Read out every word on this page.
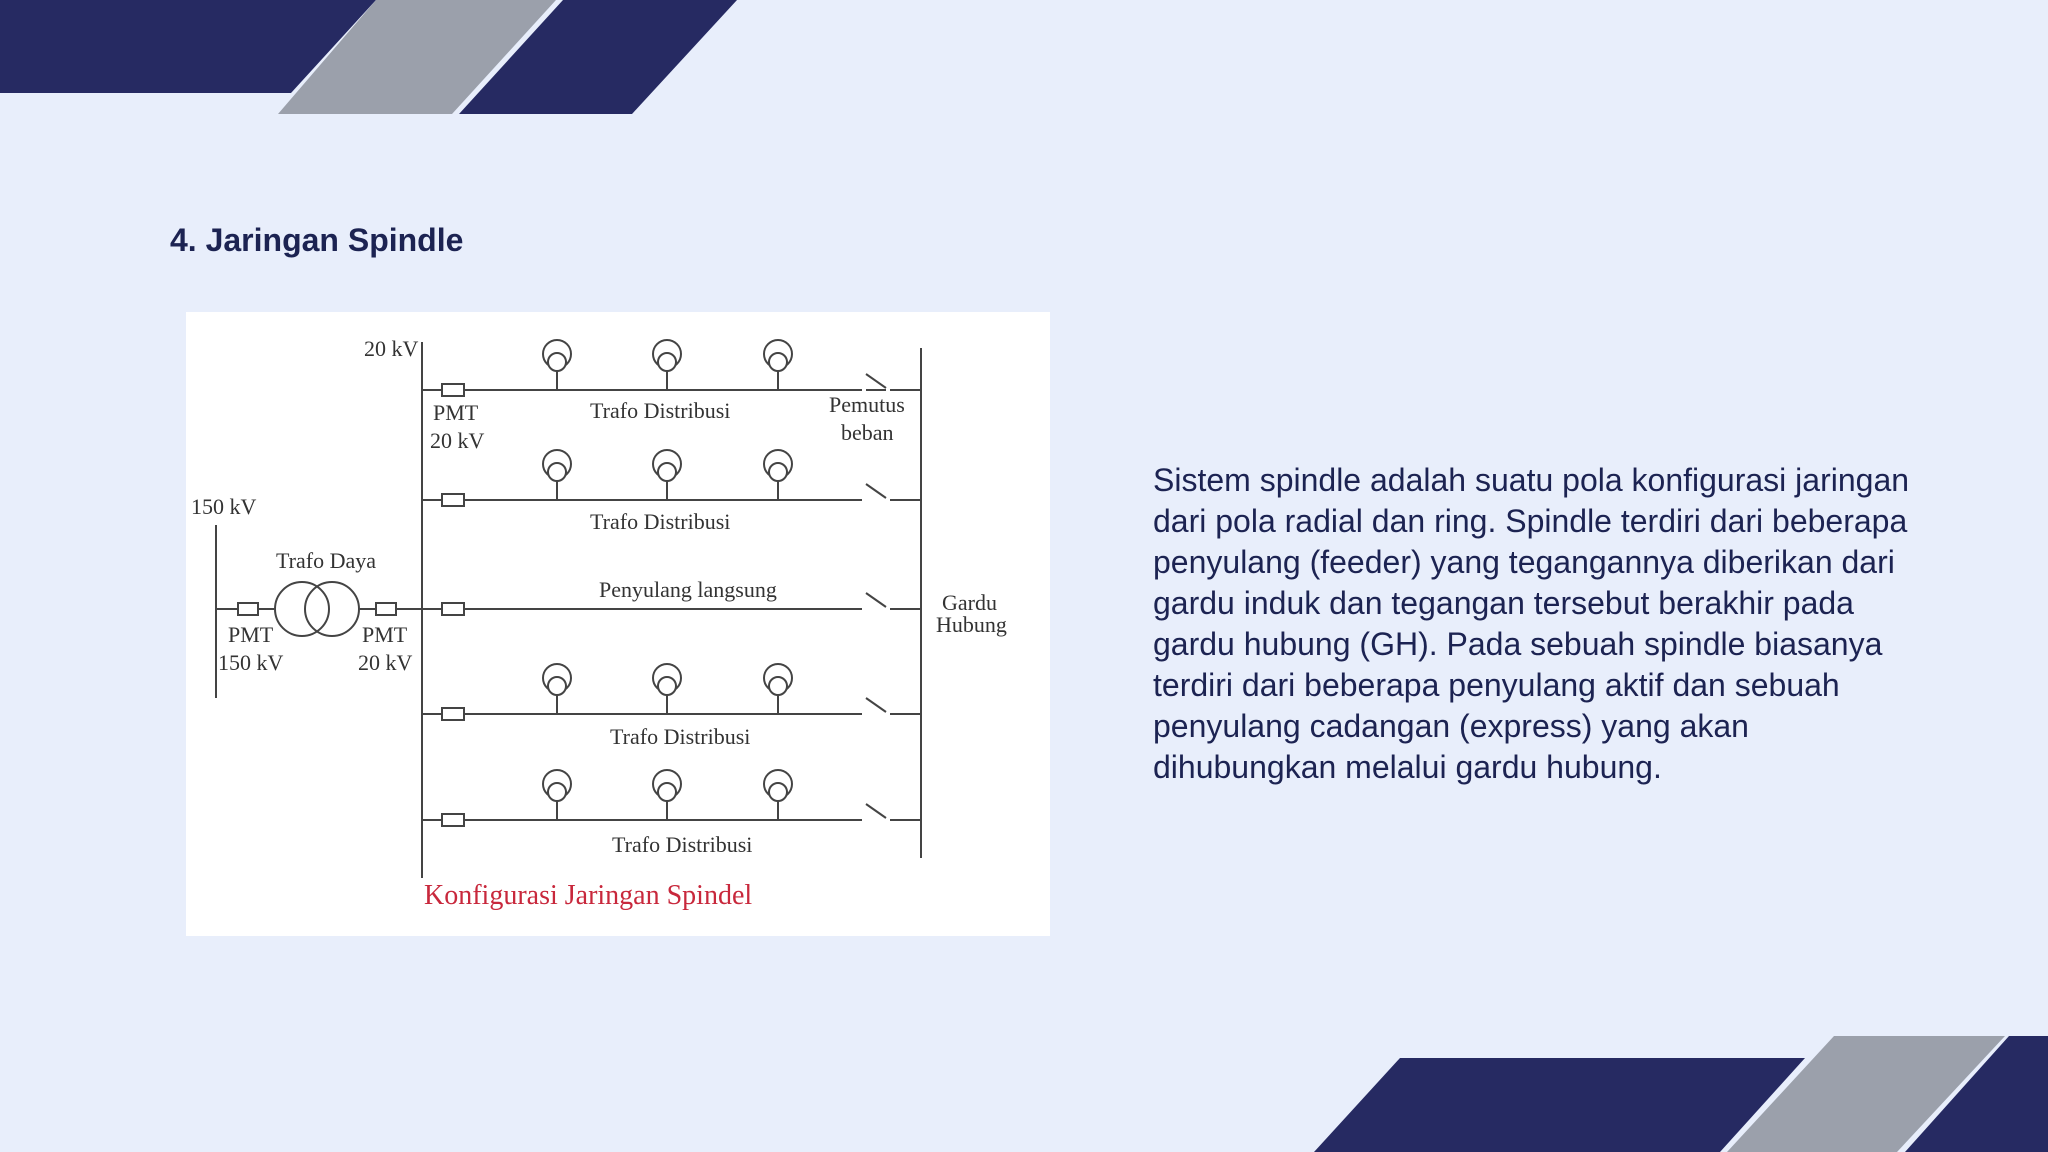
4. Jaringan Spindle
20 kV
PMT
20 kV
Trafo Distribusi	Pemutus
beban
Trafo Distribusi
150 kV
Trafo Daya
Penyulang langsung
Gardu
Hubung
PMT
150 kV
PMT
20 kV
Trafo Distribusi
Trafo Distribusi
Konfigurasi Jaringan Spindel

Sistem spindle adalah suatu pola konfigurasi jaringan dari pola radial dan ring. Spindle terdiri dari beberapa penyulang (feeder) yang tegangannya diberikan dari gardu induk dan tegangan tersebut berakhir pada gardu hubung (GH). Pada sebuah spindle biasanya terdiri dari beberapa penyulang aktif dan sebuah penyulang cadangan (express) yang akan dihubungkan melalui gardu hubung.
